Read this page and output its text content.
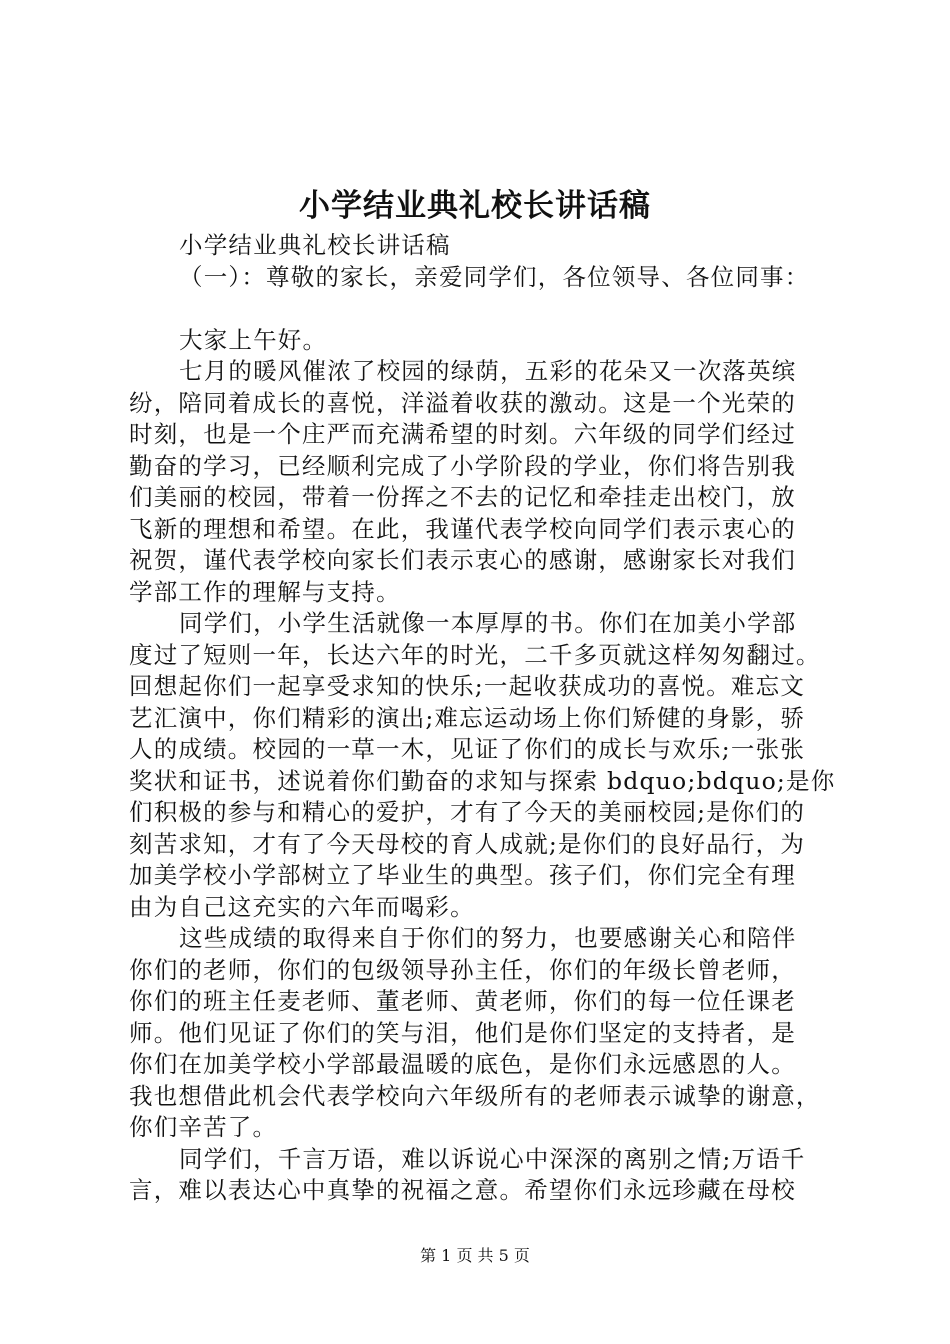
小学结业典礼校长讲话稿
小学结业典礼校长讲话稿
（一）：尊敬的家长，亲爱同学们，各位领导、各位同事：
大家上午好。
七月的暖风催浓了校园的绿荫，五彩的花朵又一次落英缤
纷，陪同着成长的喜悦，洋溢着收获的激动。这是一个光荣的
时刻，也是一个庄严而充满希望的时刻。六年级的同学们经过
勤奋的学习，已经顺利完成了小学阶段的学业，你们将告别我
们美丽的校园，带着一份挥之不去的记忆和牵挂走出校门，放
飞新的理想和希望。在此，我谨代表学校向同学们表示衷心的
祝贺，谨代表学校向家长们表示衷心的感谢，感谢家长对我们
学部工作的理解与支持。
同学们，小学生活就像一本厚厚的书。你们在加美小学部
度过了短则一年，长达六年的时光，二千多页就这样匆匆翻过。
回想起你们一起享受求知的快乐;一起收获成功的喜悦。难忘文
艺汇演中，你们精彩的演出;难忘运动场上你们矫健的身影，骄
人的成绩。校园的一草一木，见证了你们的成长与欢乐;一张张
奖状和证书，述说着你们勤奋的求知与探索 bdquo;bdquo;是你
们积极的参与和精心的爱护，才有了今天的美丽校园;是你们的
刻苦求知，才有了今天母校的育人成就;是你们的良好品行，为
加美学校小学部树立了毕业生的典型。孩子们，你们完全有理
由为自己这充实的六年而喝彩。
这些成绩的取得来自于你们的努力，也要感谢关心和陪伴
你们的老师，你们的包级领导孙主任，你们的年级长曾老师，
你们的班主任麦老师、董老师、黄老师，你们的每一位任课老
师。他们见证了你们的笑与泪，他们是你们坚定的支持者，是
你们在加美学校小学部最温暖的底色，是你们永远感恩的人。
我也想借此机会代表学校向六年级所有的老师表示诚挚的谢意，
你们辛苦了。
同学们，千言万语，难以诉说心中深深的离别之情;万语千
言，难以表达心中真挚的祝福之意。希望你们永远珍藏在母校
第 1 页 共 5 页
